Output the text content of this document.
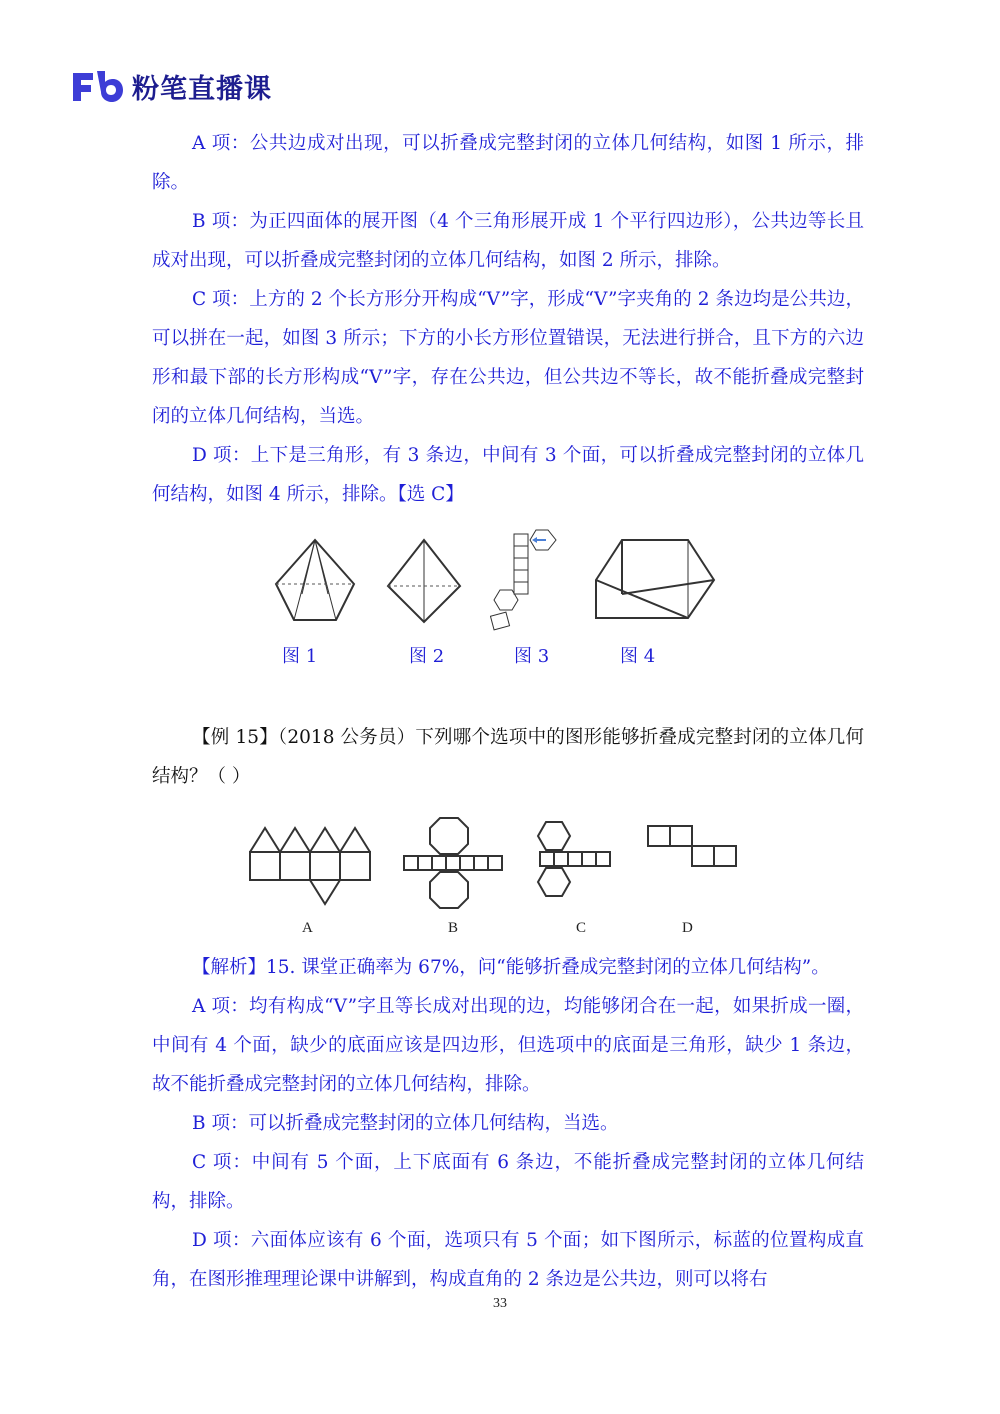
粉笔直播课

A 项：公共边成对出现，可以折叠成完整封闭的立体几何结构，如图 1 所示，排除。

B 项：为正四面体的展开图（4 个三角形展开成 1 个平行四边形），公共边等长且成对出现，可以折叠成完整封闭的立体几何结构，如图 2 所示，排除。

C 项：上方的 2 个长方形分开构成“V”字，形成“V”字夹角的 2 条边均是公共边，可以拼在一起，如图 3 所示；下方的小长方形位置错误，无法进行拼合，且下方的六边形和最下部的长方形构成“V”字，存在公共边，但公共边不等长，故不能折叠成完整封闭的立体几何结构，当选。

D 项：上下是三角形，有 3 条边，中间有 3 个面，可以折叠成完整封闭的立体几何结构，如图 4 所示，排除。【选 C】

图 1	图 2	图 3	图 4

【例 15】（2018 公务员）下列哪个选项中的图形能够折叠成完整封闭的立体几何结构？（ ）

A	B	C	D

【解析】15. 课堂正确率为 67%，问“能够折叠成完整封闭的立体几何结构”。

A 项：均有构成“V”字且等长成对出现的边，均能够闭合在一起，如果折成一圈，中间有 4 个面，缺少的底面应该是四边形，但选项中的底面是三角形，缺少 1 条边，故不能折叠成完整封闭的立体几何结构，排除。

B 项：可以折叠成完整封闭的立体几何结构，当选。

C 项：中间有 5 个面，上下底面有 6 条边，不能折叠成完整封闭的立体几何结构，排除。

D 项：六面体应该有 6 个面，选项只有 5 个面；如下图所示，标蓝的位置构成直角，在图形推理理论课中讲解到，构成直角的 2 条边是公共边，则可以将右

33
